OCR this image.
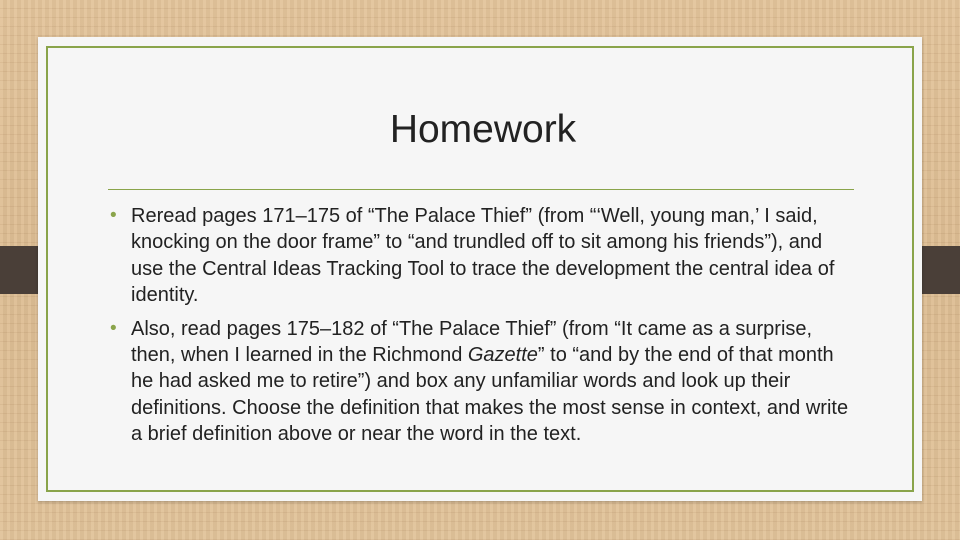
Homework
• Reread pages 171–175 of “The Palace Thief” (from “‘Well, young man,’ I said, knocking on the door frame” to “and trundled off to sit among his friends”), and use the Central Ideas Tracking Tool to trace the development the central idea of identity.
• Also, read pages 175–182 of “The Palace Thief” (from “It came as a surprise, then, when I learned in the Richmond Gazette” to “and by the end of that month he had asked me to retire”) and box any unfamiliar words and look up their definitions. Choose the definition that makes the most sense in context, and write a brief definition above or near the word in the text.
